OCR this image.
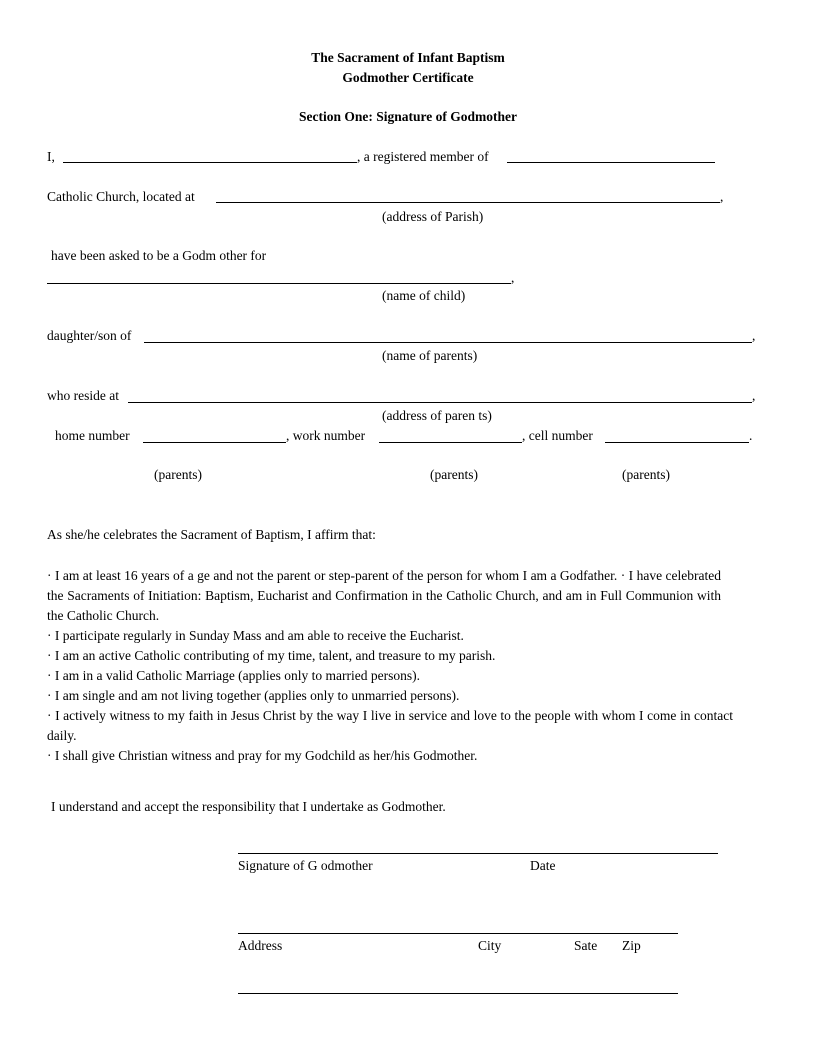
The Sacrament of Infant Baptism
Godmother Certificate
Section One: Signature of Godmother
I,	, a registered member of
Catholic Church, located at	,
(address of Parish)
have been asked to be a Godm other for
,
(name of child)
daughter/son of	,
(name of parents)
who reside at	,
(address of paren ts)
home number	, work number	, cell number	.
(parents)	(parents)	(parents)
As she/he celebrates the Sacrament of Baptism, I affirm that:
· I am at least 16 years of a ge and not the parent or step-parent of the person for whom I am a Godfather. · I have celebrated the Sacraments of Initiation: Baptism, Eucharist and Confirmation in the Catholic Church, and am in Full Communion with the Catholic Church.
· I participate regularly in Sunday Mass and am able to receive the Eucharist.
· I am an active Catholic contributing of my time, talent, and treasure to my parish.
· I am in a valid Catholic Marriage (applies only to married persons).
· I am single and am not living together (applies only to unmarried persons).
· I actively witness to my faith in Jesus Christ by the way I live in service and love to the people with whom I come in contact daily.
· I shall give Christian witness and pray for my Godchild as her/his Godmother.
I understand and accept the responsibility that I undertake as Godmother.
Signature of G odmother	Date
Address	City	Sate Zip
